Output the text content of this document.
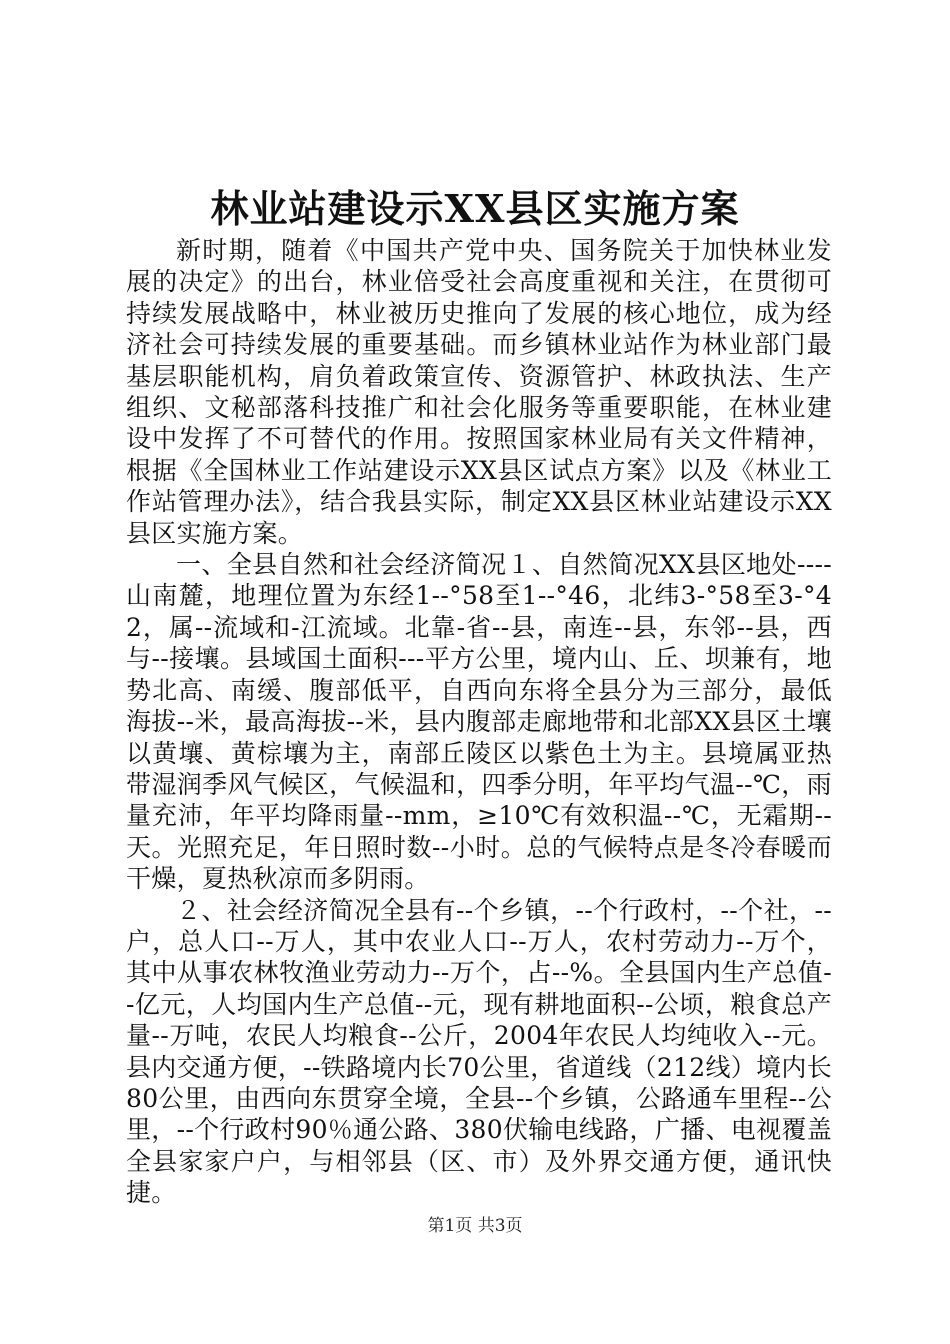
林业站建设示XX县区实施方案

新时期，随着《中国共产党中央、国务院关于加快林业发展的决定》的出台，林业倍受社会高度重视和关注，在贯彻可持续发展战略中，林业被历史推向了发展的核心地位，成为经济社会可持续发展的重要基础。而乡镇林业站作为林业部门最基层职能机构，肩负着政策宣传、资源管护、林政执法、生产组织、文秘部落科技推广和社会化服务等重要职能，在林业建设中发挥了不可替代的作用。按照国家林业局有关文件精神，根据《全国林业工作站建设示XX县区试点方案》以及《林业工作站管理办法》，结合我县实际，制定XX县区林业站建设示XX县区实施方案。

一、全县自然和社会经济简况１、自然简况XX县区地处----山南麓，地理位置为东经1--°58至1--°46，北纬3-°58至3-°42，属--流域和-江流域。北靠-省--县，南连--县，东邻--县，西与--接壤。县域国土面积---平方公里，境内山、丘、坝兼有，地势北高、南缓、腹部低平，自西向东将全县分为三部分，最低海拔--米，最高海拔--米，县内腹部走廊地带和北部XX县区土壤以黄壤、黄棕壤为主，南部丘陵区以紫色土为主。县境属亚热带湿润季风气候区，气候温和，四季分明，年平均气温--℃，雨量充沛，年平均降雨量--mm，≥10℃有效积温--℃，无霜期--天。光照充足，年日照时数--小时。总的气候特点是冬冷春暖而干燥，夏热秋凉而多阴雨。

２、社会经济简况全县有--个乡镇，--个行政村，--个社，--户，总人口--万人，其中农业人口--万人，农村劳动力--万个，其中从事农林牧渔业劳动力--万个，占--%。全县国内生产总值--亿元，人均国内生产总值--元，现有耕地面积--公顷，粮食总产量--万吨，农民人均粮食--公斤，2004年农民人均纯收入--元。县内交通方便，--铁路境内长70公里，省道线（212线）境内长80公里，由西向东贯穿全境，全县--个乡镇，公路通车里程--公里，--个行政村90％通公路、380伏输电线路，广播、电视覆盖全县家家户户，与相邻县（区、市）及外界交通方便，通讯快捷。

第1页 共3页
